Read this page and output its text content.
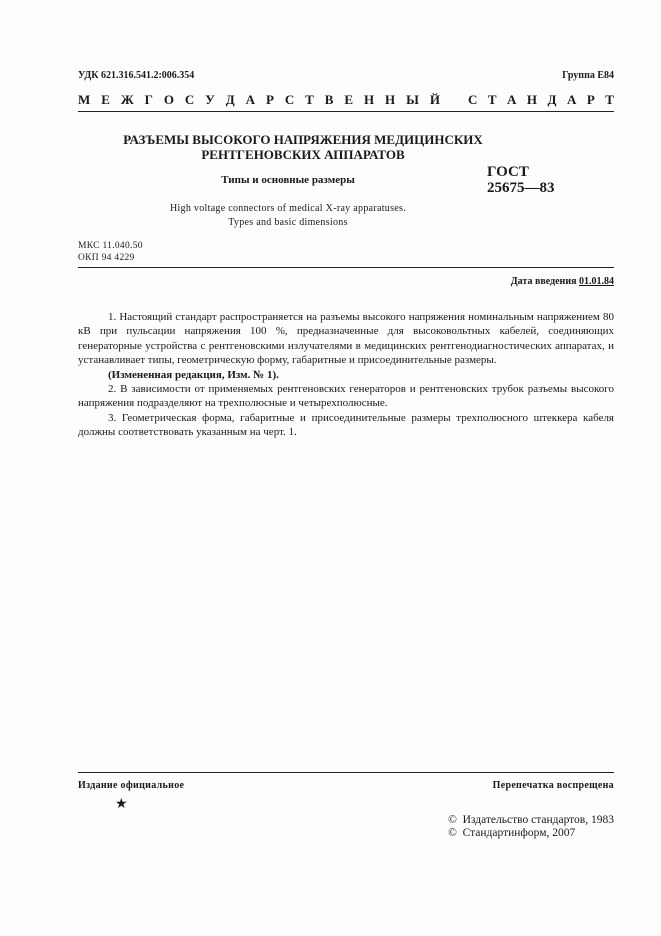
УДК 621.316.541.2:006.354	Группа Е84
М Е Ж Г О С У Д А Р С Т В Е Н Н Ы Й С Т А Н Д А Р Т
РАЗЪЕМЫ ВЫСОКОГО НАПРЯЖЕНИЯ МЕДИЦИНСКИХ
РЕНТГЕНОВСКИХ АППАРАТОВ
Типы и основные размеры	ГОСТ
25675—83
High voltage connectors of medical X-ray apparatuses.
Types and basic dimensions
МКС 11.040.50
ОКП 94 4229
Дата введения 01.01.84

1. Настоящий стандарт распространяется на разъемы высокого напряжения номинальным напряжением 80 кВ при пульсации напряжения 100 %, предназначенные для высоковольтных кабелей, соединяющих генераторные устройства с рентгеновскими излучателями в медицинских рентгенодиагностических аппаратах, и устанавливает типы, геометрическую форму, габаритные и присоединительные размеры.

(Измененная редакция, Изм. № 1).

2. В зависимости от применяемых рентгеновских генераторов и рентгеновских трубок разъемы высокого напряжения подразделяют на трехполюсные и четырехполюсные.

3. Геометрическая форма, габаритные и присоединительные размеры трехполюсного штеккера кабеля должны соответствовать указанным на черт. 1.

Издание официальное	Перепечатка воспрещена
★
©  Издательство стандартов, 1983
©  Стандартинформ, 2007
